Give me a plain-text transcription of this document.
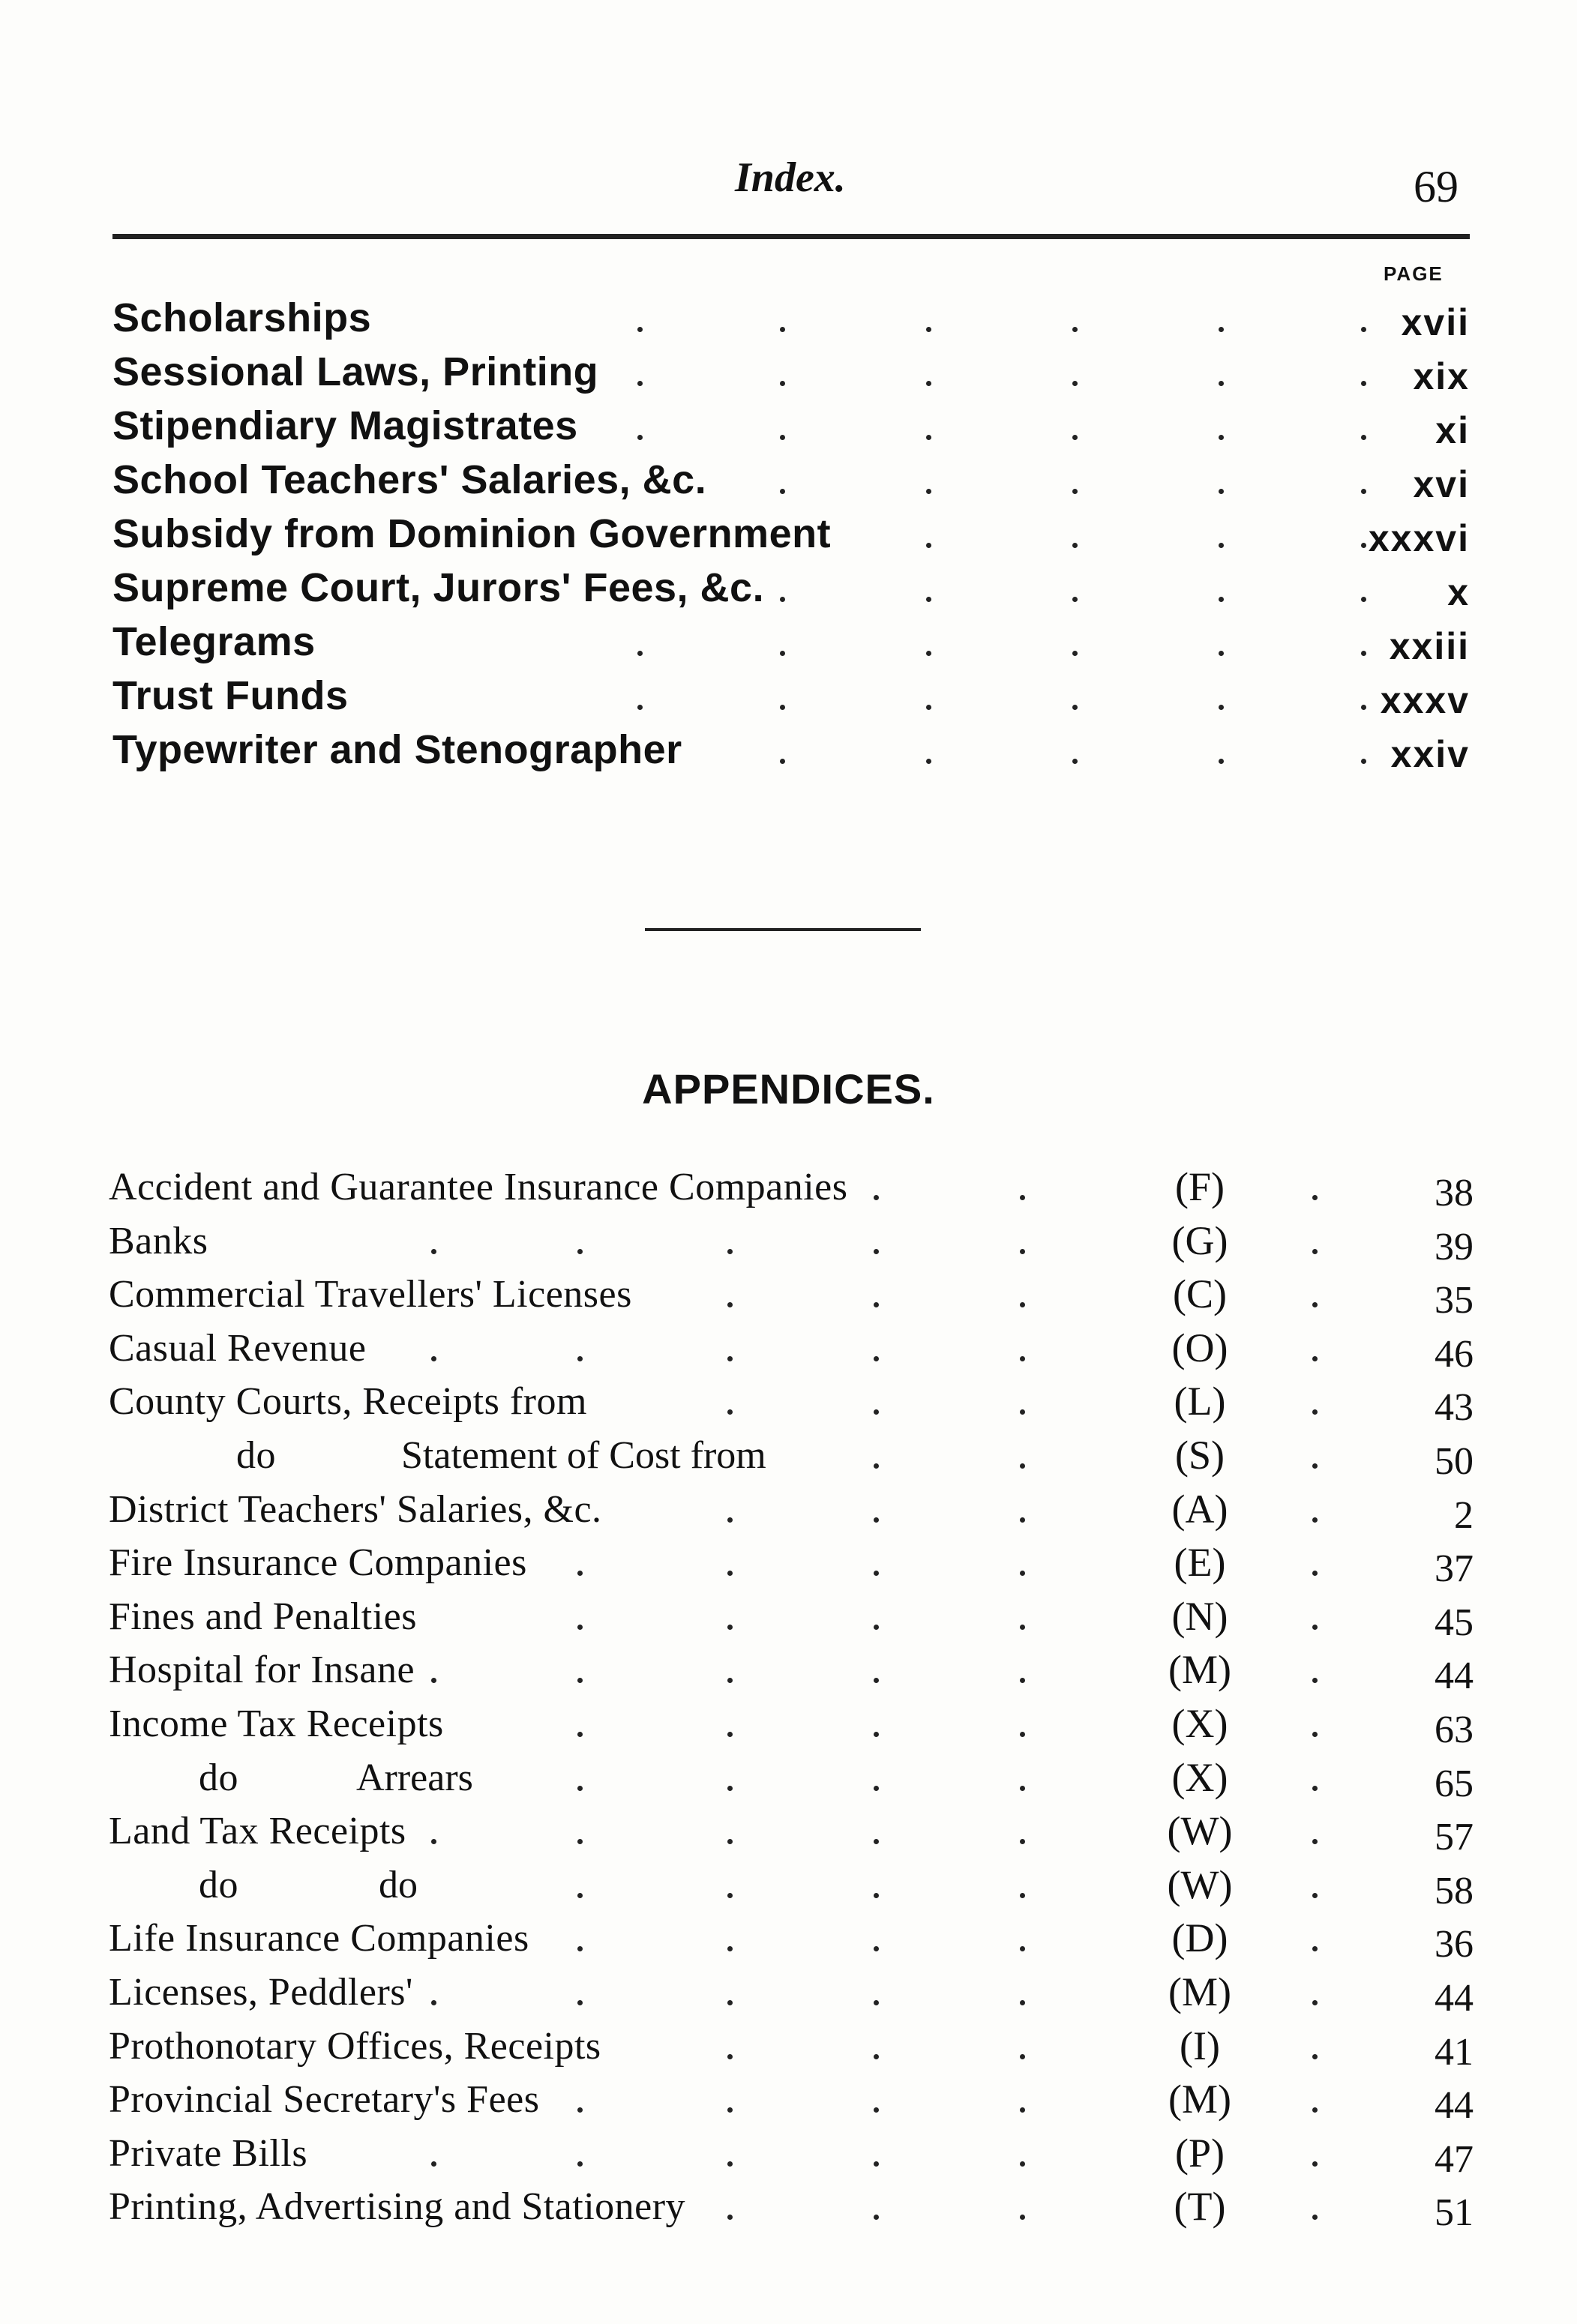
Index.	69
PAGE
Scholarships	xvii
Sessional Laws, Printing	xix
Stipendiary Magistrates	xi
School Teachers' Salaries, &c.	xvi
Subsidy from Dominion Government	xxxvi
Supreme Court, Jurors' Fees, &c.	x
Telegrams	xxiii
Trust Funds	xxxv
Typewriter and Stenographer	xxiv
APPENDICES.
Accident and Guarantee Insurance Companies	(F)	38
Banks	(G)	39
Commercial Travellers' Licenses	(C)	35
Casual Revenue	(O)	46
County Courts, Receipts from	(L)	43
do	Statement of Cost from	(S)	50
District Teachers' Salaries, &c.	(A)	2
Fire Insurance Companies	(E)	37
Fines and Penalties	(N)	45
Hospital for Insane	(M)	44
Income Tax Receipts	(X)	63
do	Arrears	(X)	65
Land Tax Receipts	(W)	57
do	do	(W)	58
Life Insurance Companies	(D)	36
Licenses, Peddlers'	(M)	44
Prothonotary Offices, Receipts	(I)	41
Provincial Secretary's Fees	(M)	44
Private Bills	(P)	47
Printing, Advertising and Stationery	(T)	51
